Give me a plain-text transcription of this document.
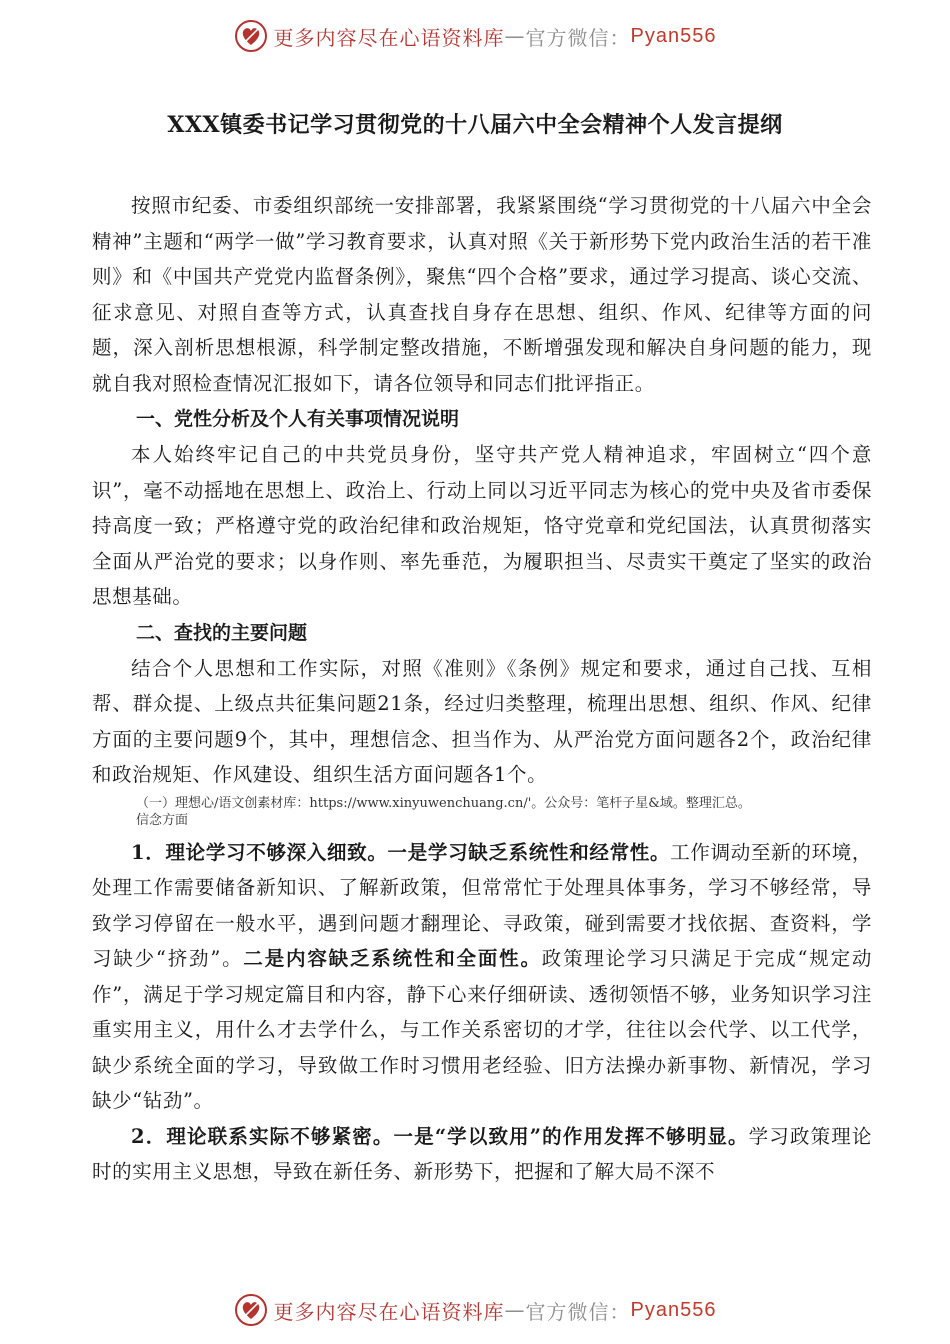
更多内容尽在心语资料库 — 官方微信： Pyan556
XXX镇委书记学习贯彻党的十八届六中全会精神个人发言提纲

按照市纪委、市委组织部统一安排部署，我紧紧围绕“学习贯彻党的十八届六中全会精神”主题和“两学一做”学习教育要求，认真对照《关于新形势下党内政治生活的若干准则》和《中国共产党党内监督条例》，聚焦“四个合格”要求，通过学习提高、谈心交流、征求意见、对照自查等方式，认真查找自身存在思想、组织、作风、纪律等方面的问题，深入剖析思想根源，科学制定整改措施，不断增强发现和解决自身问题的能力，现就自我对照检查情况汇报如下，请各位领导和同志们批评指正。

一、党性分析及个人有关事项情况说明

本人始终牢记自己的中共党员身份，坚守共产党人精神追求，牢固树立“四个意识”，毫不动摇地在思想上、政治上、行动上同以习近平同志为核心的党中央及省市委保持高度一致；严格遵守党的政治纪律和政治规矩，恪守党章和党纪国法，认真贯彻落实全面从严治党的要求；以身作则、率先垂范，为履职担当、尽责实干奠定了坚实的政治思想基础。

二、查找的主要问题

结合个人思想和工作实际，对照《准则》《条例》规定和要求，通过自己找、互相帮、群众提、上级点共征集问题21条，经过归类整理，梳理出思想、组织、作风、纪律方面的主要问题9个，其中，理想信念、担当作为、从严治党方面问题各2个，政治纪律和政治规矩、作风建设、组织生活方面问题各1个。

（一）理想心/语文创素材库：https://www.xinyuwenchuang.cn/'。公众号：笔杆子星&域。整理汇总。
信念方面

1．理论学习不够深入细致。一是学习缺乏系统性和经常性。工作调动至新的环境，处理工作需要储备新知识、了解新政策，但常常忙于处理具体事务，学习不够经常，导致学习停留在一般水平，遇到问题才翻理论、寻政策，碰到需要才找依据、查资料，学习缺少“挤劲”。二是内容缺乏系统性和全面性。政策理论学习只满足于完成“规定动作”，满足于学习规定篇目和内容，静下心来仔细研读、透彻领悟不够，业务知识学习注重实用主义，用什么才去学什么，与工作关系密切的才学，往往以会代学、以工代学，缺少系统全面的学习，导致做工作时习惯用老经验、旧方法操办新事物、新情况，学习缺少“钻劲”。

2．理论联系实际不够紧密。一是“学以致用”的作用发挥不够明显。学习政策理论时的实用主义思想，导致在新任务、新形势下，把握和了解大局不深不

更多内容尽在心语资料库 — 官方微信： Pyan556
